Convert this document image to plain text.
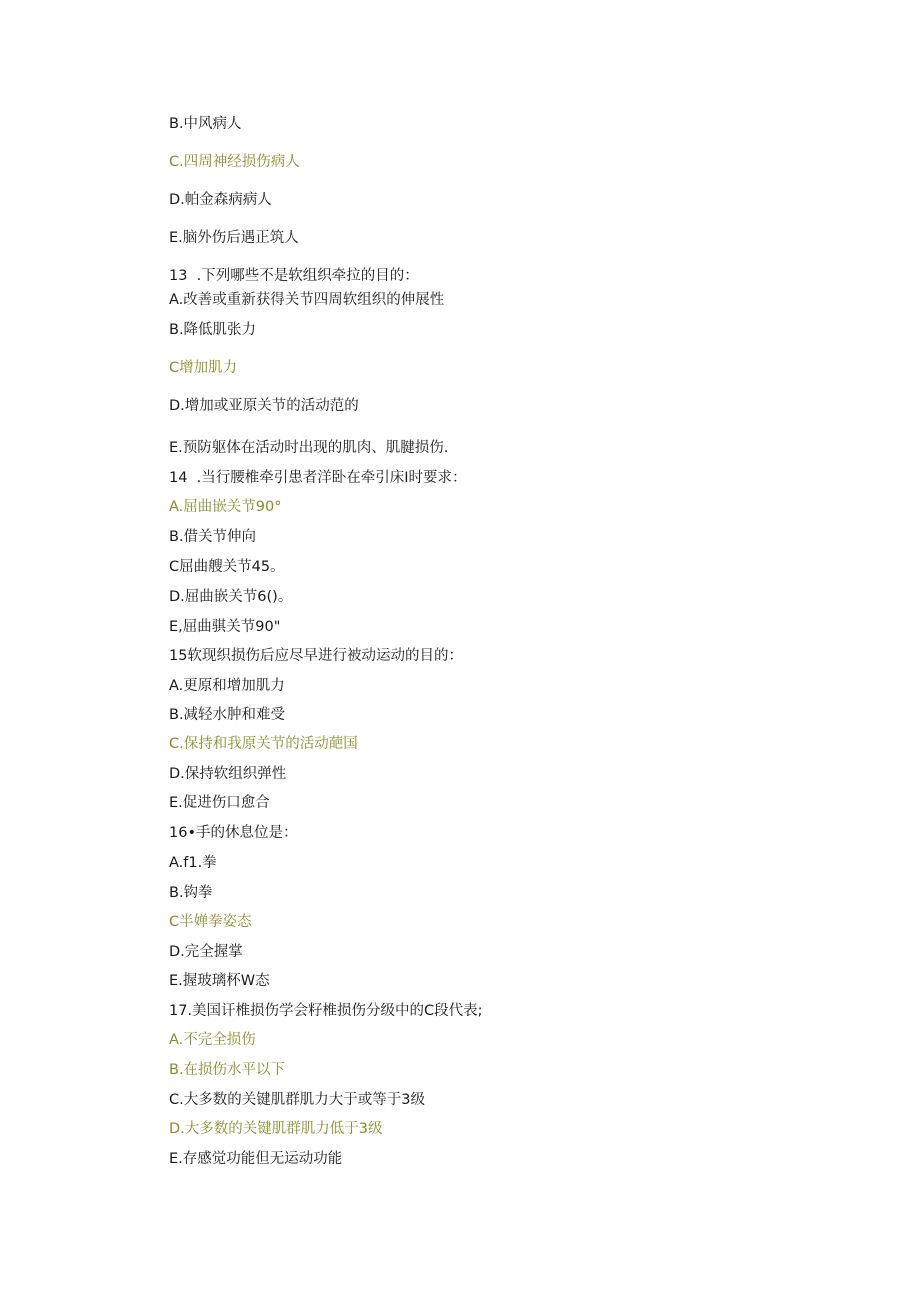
B.中风病人
C.四周神经损伤病人
D.帕金森病病人
E.脑外伤后遇正筑人
13  .下列哪些不是软组织牵拉的目的：
A.改善或重新获得关节四周软组织的伸展性
B.降低肌张力
C增加肌力
D.增加或亚原关节的活动范的
E.预防躯体在活动时出现的肌肉、肌腱损伤.
14  .当行腰椎牵引患者洋卧在牵引床I时要求：
A.屈曲嵌关节90°
B.借关节伸向
C屈曲艘关节45。
D.屈曲嵌关节6()。
E,屈曲骐关节90"
15软现织损伤后应尽早进行被动运动的目的：
A.更原和增加肌力
B.减轻水肿和难受
C.保持和我原关节的活动葩国
D.保持软组织弹性
E.促进伤口愈合
16•手的休息位是：
A.f1.拳
B.钩拳
C半婵拳姿态
D.完全握掌
E.握玻璃杯W态
17.美国讦椎损伤学会籽椎损伤分级中的C段代表;
A.不完全损伤
B.在损伤水平以下
C.大多数的关键肌群肌力大于或等于3级
D.大多数的关键肌群肌力低于3级
E.存感觉功能但无运动功能
